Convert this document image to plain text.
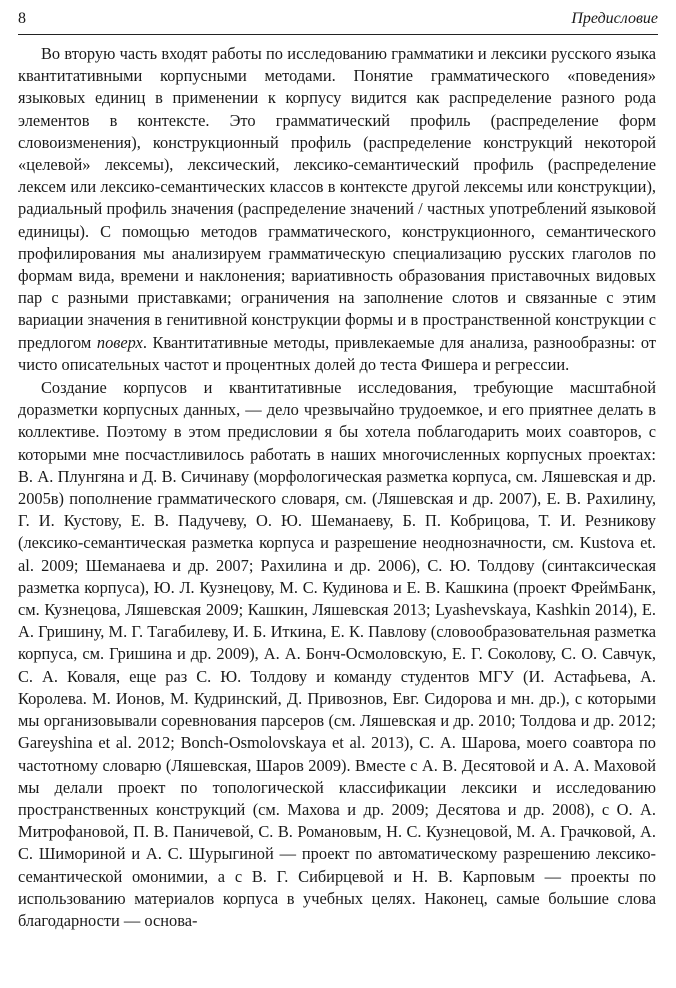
8	Предисловие

Во вторую часть входят работы по исследованию грамматики и лексики русского языка квантитативными корпусными методами. Понятие грамматического «поведения» языковых единиц в применении к корпусу видится как распределение разного рода элементов в контексте. Это грамматический профиль (распределение форм словоизменения), конструкционный профиль (распределение конструкций некоторой «целевой» лексемы), лексический, лексико-семантический профиль (распределение лексем или лексико-семантических классов в контексте другой лексемы или конструкции), радиальный профиль значения (распределение значений / частных употреблений языковой единицы). С помощью методов грамматического, конструкционного, семантического профилирования мы анализируем грамматическую специализацию русских глаголов по формам вида, времени и наклонения; вариативность образования приставочных видовых пар с разными приставками; ограничения на заполнение слотов и связанные с этим вариации значения в генитивной конструкции формы и в пространственной конструкции с предлогом поверх. Квантитативные методы, привлекаемые для анализа, разнообразны: от чисто описательных частот и процентных долей до теста Фишера и регрессии.

Создание корпусов и квантитативные исследования, требующие масштабной доразметки корпусных данных, — дело чрезвычайно трудоемкое, и его приятнее делать в коллективе. Поэтому в этом предисловии я бы хотела поблагодарить моих соавторов, с которыми мне посчастливилось работать в наших многочисленных корпусных проектах: В. А. Плунгяна и Д. В. Сичинаву (морфологическая разметка корпуса, см. Ляшевская и др. 2005в) пополнение грамматического словаря, см. (Ляшевская и др. 2007), Е. В. Рахилину, Г. И. Кустову, Е. В. Падучеву, О. Ю. Шеманаеву, Б. П. Кобрицова, Т. И. Резникову (лексико-семантическая разметка корпуса и разрешение неоднозначности, см. Kustova et. al. 2009; Шеманаева и др. 2007; Рахилина и др. 2006), С. Ю. Толдову (синтаксическая разметка корпуса), Ю. Л. Кузнецову, М. С. Кудинова и Е. В. Кашкина (проект ФреймБанк, см. Кузнецова, Ляшевская 2009; Кашкин, Ляшевская 2013; Lyashevskaya, Kashkin 2014), Е. А. Гришину, М. Г. Тагабилеву, И. Б. Иткина, Е. К. Павлову (словообразовательная разметка корпуса, см. Гришина и др. 2009), А. А. Бонч-Осмоловскую, Е. Г. Соколову, С. О. Савчук, С. А. Коваля, еще раз С. Ю. Толдову и команду студентов МГУ (И. Астафьева, А. Королева. М. Ионов, М. Кудринский, Д. Привознов, Евг. Сидорова и мн. др.), с которыми мы организовывали соревнования парсеров (см. Ляшевская и др. 2010; Толдова и др. 2012; Gareyshina et al. 2012; Bonch-Osmolovskaya et al. 2013), С. А. Шарова, моего соавтора по частотному словарю (Ляшевская, Шаров 2009). Вместе с А. В. Десятовой и А. А. Маховой мы делали проект по топологической классификации лексики и исследованию пространственных конструкций (см. Махова и др. 2009; Десятова и др. 2008), с О. А. Митрофановой, П. В. Паничевой, С. В. Романовым, Н. С. Кузнецовой, М. А. Грачковой, А. С. Шимориной и А. С. Шурыгиной — проект по автоматическому разрешению лексико-семантической омонимии, а с В. Г. Сибирцевой и Н. В. Карповым — проекты по использованию материалов корпуса в учебных целях. Наконец, самые большие слова благодарности — основа-
